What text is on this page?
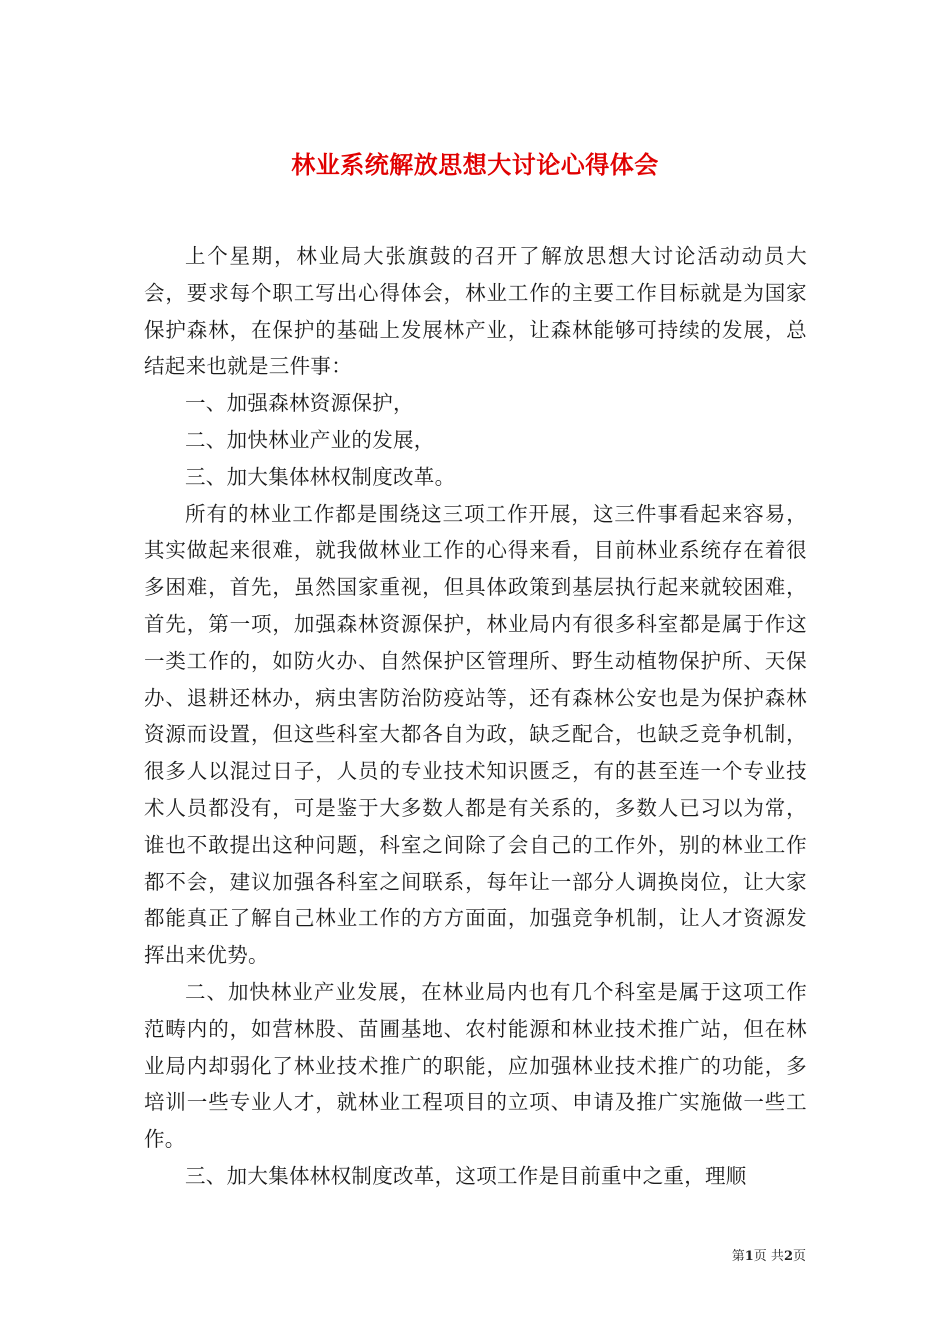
林业系统解放思想大讨论心得体会

上个星期，林业局大张旗鼓的召开了解放思想大讨论活动动员大会，要求每个职工写出心得体会，林业工作的主要工作目标就是为国家保护森林，在保护的基础上发展林产业，让森林能够可持续的发展，总结起来也就是三件事：

一、加强森林资源保护，

二、加快林业产业的发展，

三、加大集体林权制度改革。

所有的林业工作都是围绕这三项工作开展，这三件事看起来容易，其实做起来很难，就我做林业工作的心得来看，目前林业系统存在着很多困难，首先，虽然国家重视，但具体政策到基层执行起来就较困难，首先，第一项，加强森林资源保护，林业局内有很多科室都是属于作这一类工作的，如防火办、自然保护区管理所、野生动植物保护所、天保办、退耕还林办，病虫害防治防疫站等，还有森林公安也是为保护森林资源而设置，但这些科室大都各自为政，缺乏配合，也缺乏竞争机制，很多人以混过日子，人员的专业技术知识匮乏，有的甚至连一个专业技术人员都没有，可是鉴于大多数人都是有关系的，多数人已习以为常，谁也不敢提出这种问题，科室之间除了会自己的工作外，别的林业工作都不会，建议加强各科室之间联系，每年让一部分人调换岗位，让大家都能真正了解自己林业工作的方方面面，加强竞争机制，让人才资源发挥出来优势。

二、加快林业产业发展，在林业局内也有几个科室是属于这项工作范畴内的，如营林股、苗圃基地、农村能源和林业技术推广站，但在林业局内却弱化了林业技术推广的职能，应加强林业技术推广的功能，多培训一些专业人才，就林业工程项目的立项、申请及推广实施做一些工作。

三、加大集体林权制度改革，这项工作是目前重中之重，理顺

第1页 共2页
